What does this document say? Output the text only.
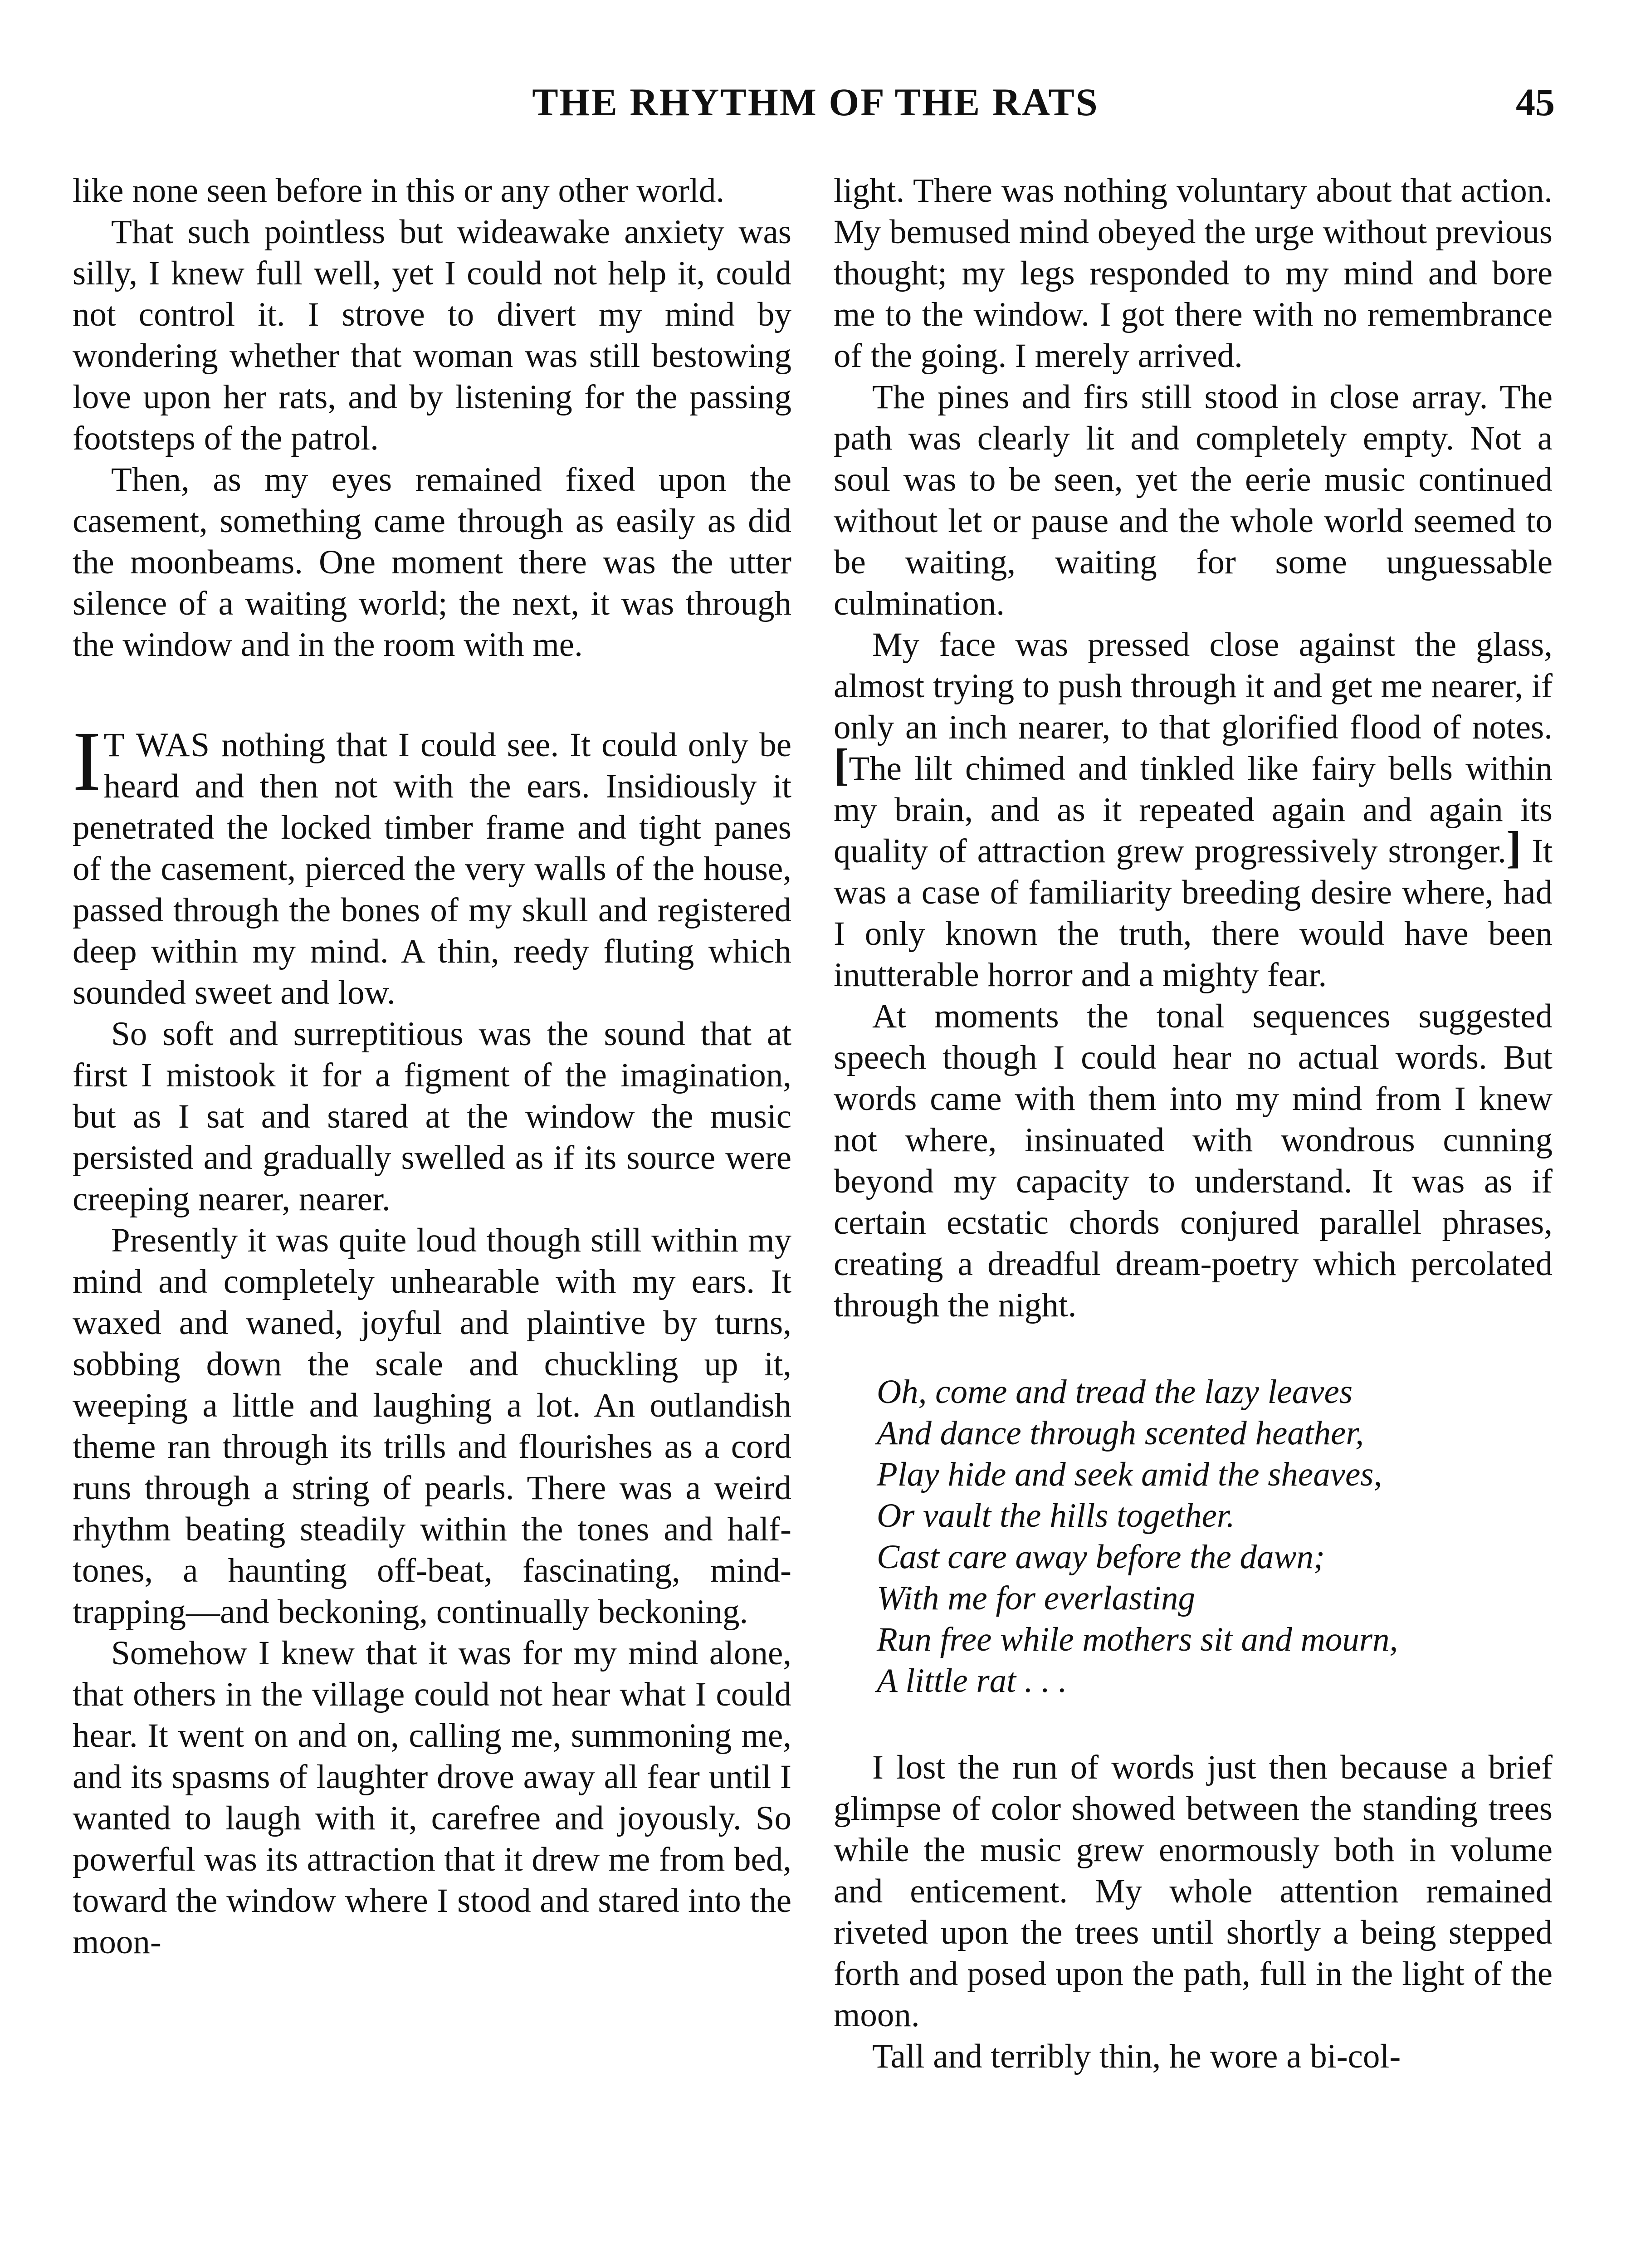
THE RHYTHM OF THE RATS	45

like none seen before in this or any other world.

That such pointless but wideawake anxiety was silly, I knew full well, yet I could not help it, could not control it. I strove to divert my mind by wondering whether that woman was still bestowing love upon her rats, and by listening for the passing footsteps of the patrol.

Then, as my eyes remained fixed upon the casement, something came through as easily as did the moonbeams. One moment there was the utter silence of a waiting world; the next, it was through the window and in the room with me.

I T WAS nothing that I could see. It could only be heard and then not with the ears. Insidiously it penetrated the locked timber frame and tight panes of the casement, pierced the very walls of the house, passed through the bones of my skull and registered deep within my mind. A thin, reedy fluting which sounded sweet and low.

So soft and surreptitious was the sound that at first I mistook it for a figment of the imagination, but as I sat and stared at the window the music persisted and gradually swelled as if its source were creeping nearer, nearer.

Presently it was quite loud though still within my mind and completely unhearable with my ears. It waxed and waned, joyful and plaintive by turns, sobbing down the scale and chuckling up it, weeping a little and laughing a lot. An outlandish theme ran through its trills and flourishes as a cord runs through a string of pearls. There was a weird rhythm beating steadily within the tones and half-tones, a haunting off-beat, fascinating, mind-trapping—and beckoning, continually beckoning.

Somehow I knew that it was for my mind alone, that others in the village could not hear what I could hear. It went on and on, calling me, summoning me, and its spasms of laughter drove away all fear until I wanted to laugh with it, carefree and joyously. So powerful was its attraction that it drew me from bed, toward the window where I stood and stared into the moon-

light. There was nothing voluntary about that action. My bemused mind obeyed the urge without previous thought; my legs responded to my mind and bore me to the window. I got there with no remembrance of the going. I merely arrived.

The pines and firs still stood in close array. The path was clearly lit and completely empty. Not a soul was to be seen, yet the eerie music continued without let or pause and the whole world seemed to be waiting, waiting for some unguessable culmination.

My face was pressed close against the glass, almost trying to push through it and get me nearer, if only an inch nearer, to that glorified flood of notes. [The lilt chimed and tinkled like fairy bells within my brain, and as it repeated again and again its quality of attraction grew progressively stronger.] It was a case of familiarity breeding desire where, had I only known the truth, there would have been inutterable horror and a mighty fear.

At moments the tonal sequences suggested speech though I could hear no actual words. But words came with them into my mind from I knew not where, insinuated with wondrous cunning beyond my capacity to understand. It was as if certain ecstatic chords conjured parallel phrases, creating a dreadful dream-poetry which percolated through the night.

Oh, come and tread the lazy leaves
And dance through scented heather,
Play hide and seek amid the sheaves,
Or vault the hills together.
Cast care away before the dawn;
With me for everlasting
Run free while mothers sit and mourn,
A little rat . . .

I lost the run of words just then because a brief glimpse of color showed between the standing trees while the music grew enormously both in volume and enticement. My whole attention remained riveted upon the trees until shortly a being stepped forth and posed upon the path, full in the light of the moon.

Tall and terribly thin, he wore a bi-col-
